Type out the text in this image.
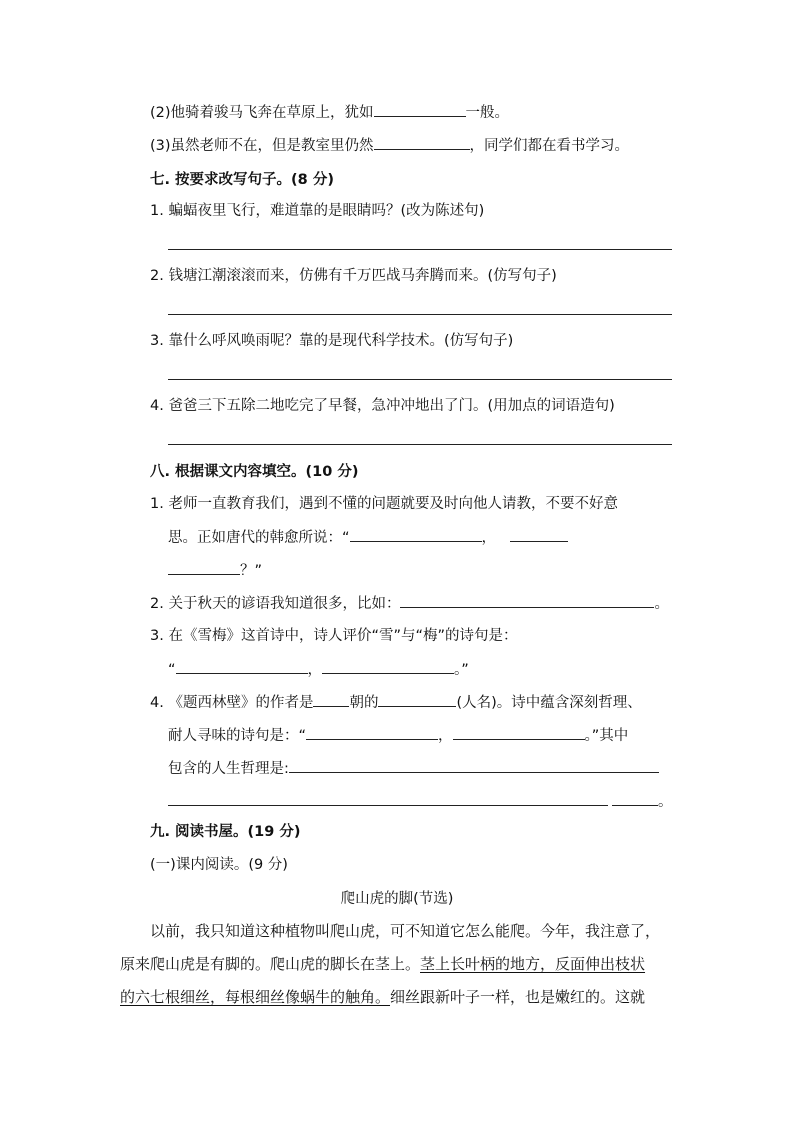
(2)他骑着骏马飞奔在草原上，犹如	一般。
(3)虽然老师不在，但是教室里仍然	，同学们都在看书学习。
七. 按要求改写句子。(8 分)
1. 蝙蝠夜里飞行，难道靠的是眼睛吗？(改为陈述句)
2. 钱塘江潮滚滚而来，仿佛有千万匹战马奔腾而来。(仿写句子)
3. 靠什么呼风唤雨呢？靠的是现代科学技术。(仿写句子)
4. 爸爸三下五除二地吃完了早餐，急冲冲地出了门。(用加点的词语造句)
八. 根据课文内容填空。(10 分)
1. 老师一直教育我们，遇到不懂的问题就要及时向他人请教，不要不好意
思。正如唐代的韩愈所说：“	，
？”
2. 关于秋天的谚语我知道很多，比如：	。
3. 在《雪梅》这首诗中，诗人评价“雪”与“梅”的诗句是：
“	，	。”
4. 《题西林壁》的作者是 朝的	(人名)。诗中蕴含深刻哲理、
耐人寻味的诗句是：“	，	。”其中
包含的人生哲理是:
。
九. 阅读书屋。(19 分)
(一)课内阅读。(9 分)
爬山虎的脚(节选)
以前，我只知道这种植物叫爬山虎，可不知道它怎么能爬。今年，我注意了，
原来爬山虎是有脚的。爬山虎的脚长在茎上。茎上长叶柄的地方，反面伸出枝状
的六七根细丝，每根细丝像蜗牛的触角。细丝跟新叶子一样，也是嫩红的。这就
